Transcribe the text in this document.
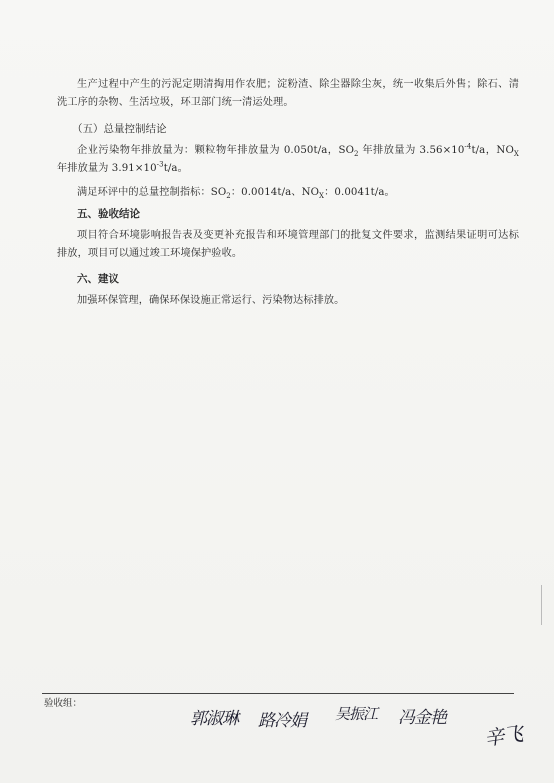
生产过程中产生的污泥定期清掏用作农肥；淀粉渣、除尘器除尘灰，统一收集后外售；除石、清洗工序的杂物、生活垃圾，环卫部门统一清运处理。

（五）总量控制结论

企业污染物年排放量为：颗粒物年排放量为 0.050t/a，$SO_2$ 年排放量为 $3.56\times 10^{-4}t/a$，$NO_X$ 年排放量为 $3.91\times 10^{-3}t/a$。

满足环评中的总量控制指标：$SO_2$：0.0014t/a、$NO_X$：0.0041t/a。

五、验收结论

项目符合环境影响报告表及变更补充报告和环境管理部门的批复文件要求，监测结果证明可达标排放，项目可以通过竣工环境保护验收。

六、建议

加强环保管理，确保环保设施正常运行、污染物达标排放。

验收组：
郭淑琳 路冷娟 吴振江 冯金艳
辛飞
